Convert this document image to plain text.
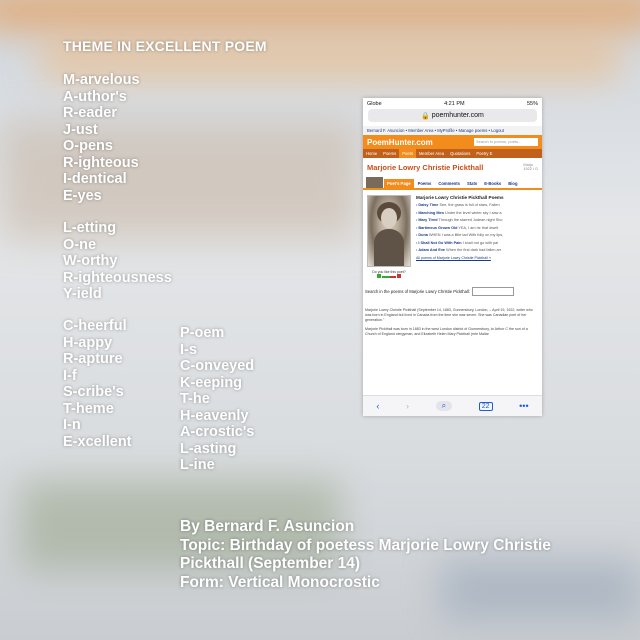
THEME IN EXCELLENT POEM
M-arvelous
A-uthor's
R-eader
J-ust
O-pens
R-ighteous
I-dentical
E-yes
L-etting
O-ne
W-orthy
R-ighteousness
Y-ield
C-heerful
H-appy
R-apture
I-f
S-cribe's
T-heme
I-n
E-xcellent
P-oem
I-s
C-onveyed
K-eeping
T-he
H-eavenly
A-crostic's
L-asting
L-ine
By Bernard F. Asuncion
Topic: Birthday of poetess Marjorie Lowry Christie
Pickthall (September 14)
Form: Vertical Monocrostic
Globe	4:21 PM	55%
🔒 poemhunter.com
Bernard F. Asuncion • Member Area • MyProfile • Manage poems • Logout
PoemHunter.com	Search in poems, poets...
Home	Poems	Poets	Member Area	Quotations	Poetry E
Marjorie Lowry Christie Pickthall	Marjo
1922 / G
Poet's Page	Poems	Comments	Stats	E-Books	Biog
Do you like this poet?

Marjorie Lowry Christie Pickthall Poems
• Daisy Time See, the grass is full of stars, Fallen
• Marching Men Under the level winter sky I saw a
• Mary Tired Through the starred Judean night Sho
• Bartimeus Grown Old YEA, I am he that dwelt
• Duna WHEN I was a little lad With folly on my lips,
• I Shall Not Go With Pain I shall not go with pai
• Adam And Eve When the first dark had fallen arr
All poems of Marjorie Lowry Christie Pickthall »
Search in the poems of Marjorie Lowry Christie Pickthall:

Marjorie Lowry Christie Pickthall (September 14, 1883, Gunnersbury, London, – April 19, 1922, writer who was born in England but lived in Canada from the time she was seven. She was Canadian poet of her generation."

Marjorie Pickthall was born in 1883 in the west London district of Gunnersbury, to Arthur C the son of a Church of England clergyman, and Elizabeth Helen Mary Pickthall (née Mallar

‹	›	⌕	22	•••
